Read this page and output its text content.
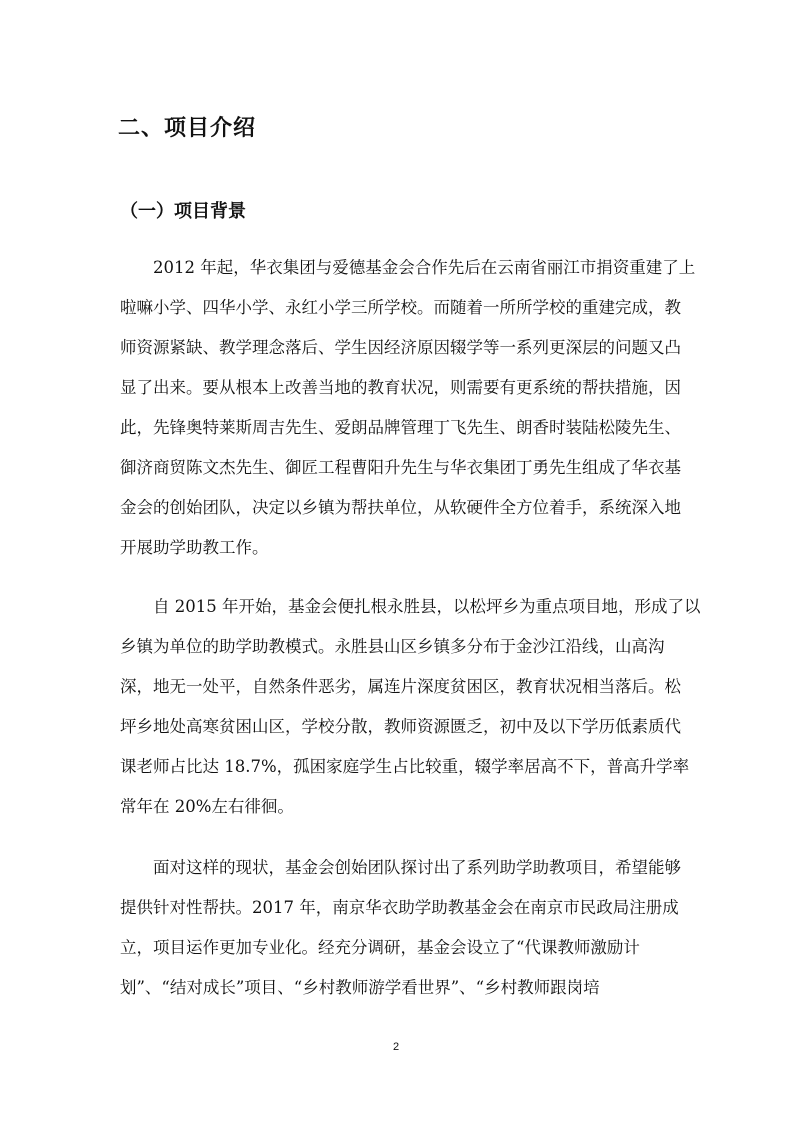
二、项目介绍
（一）项目背景
　　2012 年起，华衣集团与爱德基金会合作先后在云南省丽江市捐资重建了上
啦嘛小学、四华小学、永红小学三所学校。而随着一所所学校的重建完成，教
师资源紧缺、教学理念落后、学生因经济原因辍学等一系列更深层的问题又凸
显了出来。要从根本上改善当地的教育状况，则需要有更系统的帮扶措施，因
此，先锋奥特莱斯周吉先生、爱朗品牌管理丁飞先生、朗香时装陆松陵先生、
御济商贸陈文杰先生、御匠工程曹阳升先生与华衣集团丁勇先生组成了华衣基
金会的创始团队，决定以乡镇为帮扶单位，从软硬件全方位着手，系统深入地
开展助学助教工作。
　　自 2015 年开始，基金会便扎根永胜县，以松坪乡为重点项目地，形成了以
乡镇为单位的助学助教模式。永胜县山区乡镇多分布于金沙江沿线，山高沟
深，地无一处平，自然条件恶劣，属连片深度贫困区，教育状况相当落后。松
坪乡地处高寒贫困山区，学校分散，教师资源匮乏，初中及以下学历低素质代
课老师占比达 18.7%，孤困家庭学生占比较重，辍学率居高不下，普高升学率
常年在 20%左右徘徊。
　　面对这样的现状，基金会创始团队探讨出了系列助学助教项目，希望能够
提供针对性帮扶。2017 年，南京华衣助学助教基金会在南京市民政局注册成
立，项目运作更加专业化。经充分调研，基金会设立了“代课教师激励计
划”、“结对成长”项目、“乡村教师游学看世界”、“乡村教师跟岗培
2
